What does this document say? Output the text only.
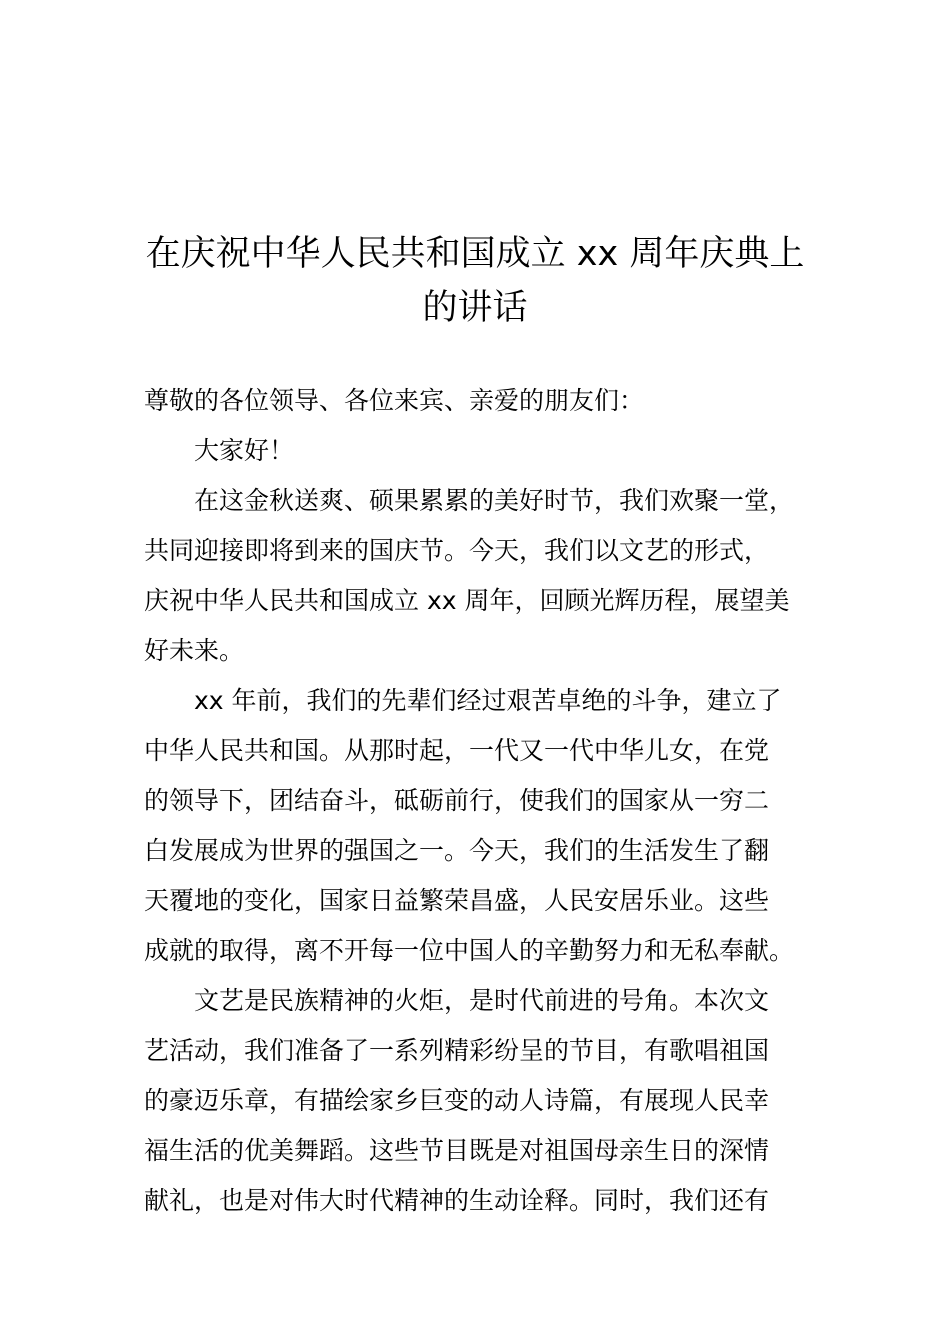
在庆祝中华人民共和国成立 xx 周年庆典上
的讲话
尊敬的各位领导、各位来宾、亲爱的朋友们：
大家好！
在这金秋送爽、硕果累累的美好时节，我们欢聚一堂，
共同迎接即将到来的国庆节。今天，我们以文艺的形式，
庆祝中华人民共和国成立 xx 周年，回顾光辉历程，展望美
好未来。
xx 年前，我们的先辈们经过艰苦卓绝的斗争，建立了
中华人民共和国。从那时起，一代又一代中华儿女，在党
的领导下，团结奋斗，砥砺前行，使我们的国家从一穷二
白发展成为世界的强国之一。今天，我们的生活发生了翻
天覆地的变化，国家日益繁荣昌盛，人民安居乐业。这些
成就的取得，离不开每一位中国人的辛勤努力和无私奉献。
文艺是民族精神的火炬，是时代前进的号角。本次文
艺活动，我们准备了一系列精彩纷呈的节目，有歌唱祖国
的豪迈乐章，有描绘家乡巨变的动人诗篇，有展现人民幸
福生活的优美舞蹈。这些节目既是对祖国母亲生日的深情
献礼，也是对伟大时代精神的生动诠释。同时，我们还有
